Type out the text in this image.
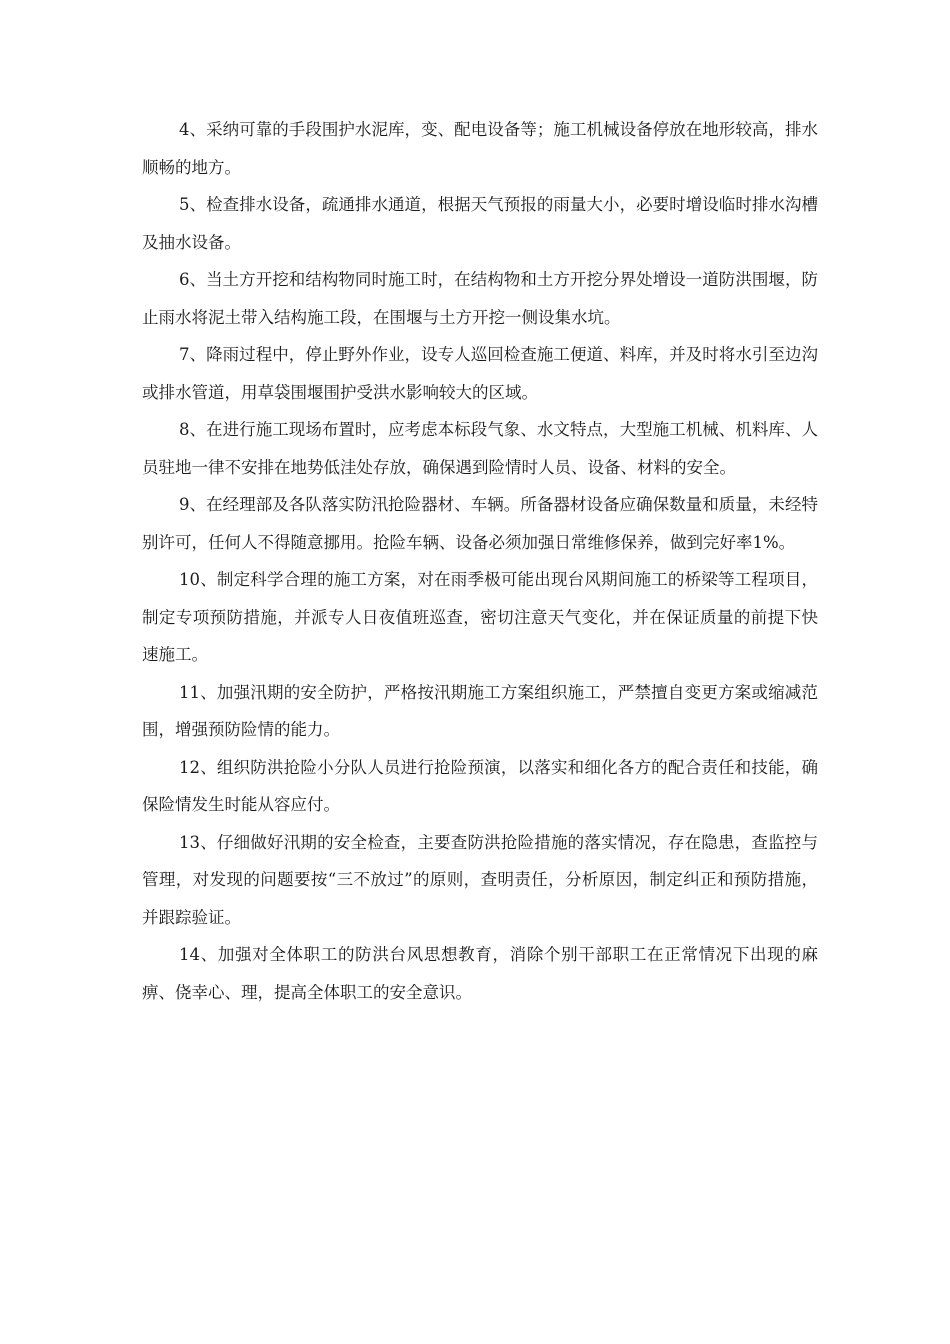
4、采纳可靠的手段围护水泥库，变、配电设备等；施工机械设备停放在地形较高，排水顺畅的地方。

5、检查排水设备，疏通排水通道，根据天气预报的雨量大小，必要时增设临时排水沟槽及抽水设备。

6、当土方开挖和结构物同时施工时，在结构物和土方开挖分界处增设一道防洪围堰，防止雨水将泥土带入结构施工段，在围堰与土方开挖一侧设集水坑。

7、降雨过程中，停止野外作业，设专人巡回检查施工便道、料库，并及时将水引至边沟或排水管道，用草袋围堰围护受洪水影响较大的区域。

8、在进行施工现场布置时，应考虑本标段气象、水文特点，大型施工机械、机料库、人员驻地一律不安排在地势低洼处存放，确保遇到险情时人员、设备、材料的安全。

9、在经理部及各队落实防汛抢险器材、车辆。所备器材设备应确保数量和质量，未经特别许可，任何人不得随意挪用。抢险车辆、设备必须加强日常维修保养，做到完好率1%。

10、制定科学合理的施工方案，对在雨季极可能出现台风期间施工的桥梁等工程项目，制定专项预防措施，并派专人日夜值班巡查，密切注意天气变化，并在保证质量的前提下快速施工。

11、加强汛期的安全防护，严格按汛期施工方案组织施工，严禁擅自变更方案或缩减范围，增强预防险情的能力。

12、组织防洪抢险小分队人员进行抢险预演，以落实和细化各方的配合责任和技能，确保险情发生时能从容应付。

13、仔细做好汛期的安全检查，主要查防洪抢险措施的落实情况，存在隐患，查监控与管理，对发现的问题要按“三不放过”的原则，查明责任，分析原因，制定纠正和预防措施，并跟踪验证。

14、加强对全体职工的防洪台风思想教育，消除个别干部职工在正常情况下出现的麻痹、侥幸心、理，提高全体职工的安全意识。
